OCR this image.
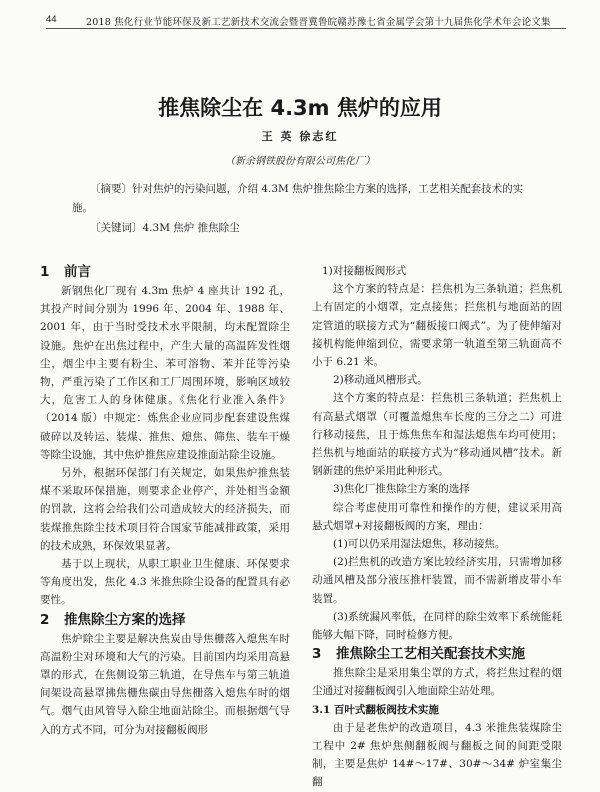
44	2018 焦化行业节能环保及新工艺新技术交流会暨晋冀鲁皖赣苏豫七省金属学会第十九届焦化学术年会论文集
推焦除尘在 4.3m 焦炉的应用
王 英 徐志红
（新余钢铁股份有限公司焦化厂）

〔摘要〕针对焦炉的污染问题，介绍 4.3M 焦炉推焦除尘方案的选择，工艺相关配套技术的实施。

〔关键词〕4.3M 焦炉 推焦除尘
1 前言

新钢焦化厂现有 4.3m 焦炉 4 座共计 192 孔，其投产时间分别为 1996 年、2004 年、1988 年、2001 年，由于当时受技术水平限制，均未配置除尘设施。焦炉在出焦过程中，产生大量的高温阵发性烟尘，烟尘中主要有粉尘、苯可溶物、苯并芘等污染物，严重污染了工作区和工厂周围环境，影响区域较大，危害工人的身体健康。《焦化行业准入条件》（2014 版）中规定：炼焦企业应同步配套建设焦煤破碎以及转运、装煤、推焦、熄焦、筛焦、装车干燥等除尘设施，其中焦炉推焦应建设推面站除尘设施。

另外，根据环保部门有关规定，如果焦炉推焦装煤不采取环保措施，则要求企业停产，并处相当金额的罚款，这将会给我们公司造成较大的经济损失，而装煤推焦除尘技术项目符合国家节能减排政策，采用的技术成熟，环保效果显著。

基于以上现状，从职工职业卫生健康、环保要求等角度出发，焦化 4.3 米推焦除尘设备的配置具有必要性。

2 推焦除尘方案的选择

焦炉除尘主要是解决焦炭由导焦栅落入熄焦车时高温粉尘对环境和大气的污染。目前国内均采用高悬罩的形式，在焦侧设第三轨道，在导焦车与第三轨道间架设高悬罩拂焦栅焦碳由导焦栅落入熄焦车时的烟气。烟气由风管导入除尘地面站除尘。而根据烟气导入的方式不同，可分为对接翻板阀形

1)对接翻板阀形式

这个方案的特点是：拦焦机为三条轨道；拦焦机上有固定的小烟罩，定点接焦；拦焦机与地面站的固定管道的联接方式为“翻板接口阀式”。为了使伸缩对接机构能伸缩到位，需要求第一轨道至第三轨面高不小于 6.21 米。

2)移动通风槽形式。

这个方案的特点是：拦焦机三条轨道；拦焦机上有高悬式烟罩（可覆盖熄焦车长度的三分之二）可进行移动接焦，且于炼焦焦车和湿法熄焦车均可使用；拦焦机与地面站的联接方式为“移动通风槽”技术。新钢新建的焦炉采用此种形式。

3)焦化厂推焦除尘方案的选择

综合考虑使用可靠性和操作的方便，建议采用高悬式烟罩+对接翻板阀的方案，理由：

(1)可以仍采用湿法熄焦，移动接焦。

(2)拦焦机的改造方案比较经济实用，只需增加移动通风槽及部分液压推杆装置，而不需新增皮带小车装置。

(3)系统漏风率低，在同样的除尘效率下系统能耗能够大幅下降，同时检修方便。

3 推焦除尘工艺相关配套技术实施

推焦除尘是采用集尘罩的方式，将拦焦过程的烟尘通过对接翻板阀引入地面除尘站处理。

3.1 百叶式翻板阀技术实施

由于是老焦炉的改造项目，4.3 米推焦装煤除尘工程中 2# 焦炉焦侧翻板阀与翻板之间的间距受限制，主要是焦炉 14#～17#、30#～34# 炉室集尘翻
